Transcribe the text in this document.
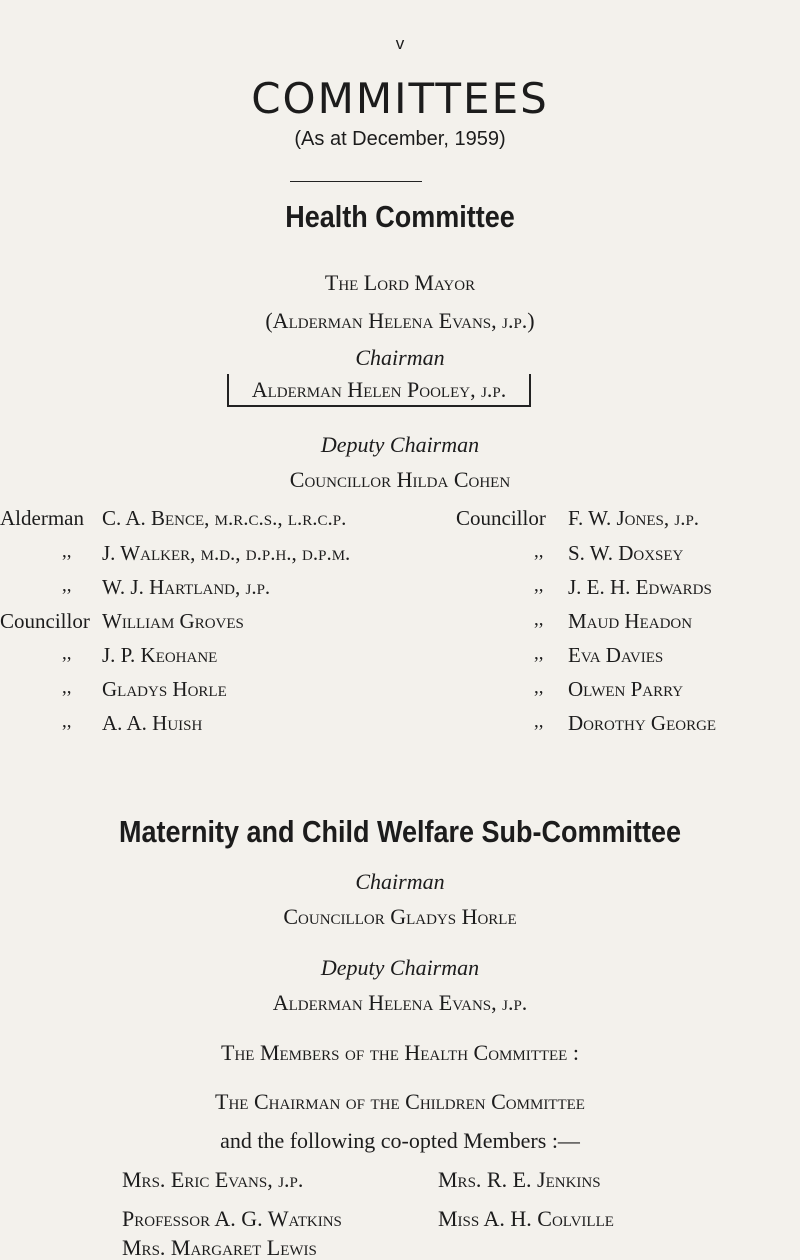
v
COMMITTEES
(As at December, 1959)
Health Committee
The Lord Mayor
(Alderman Helena Evans, j.p.)
Chairman
Alderman Helen Pooley, j.p.
Deputy Chairman
Councillor Hilda Cohen
Alderman C. A. Bence, m.r.c.s., l.r.c.p.
,, J. Walker, m.d., d.p.h., d.p.m.
,, W. J. Hartland, j.p.
Councillor William Groves
,, J. P. Keohane
,, Gladys Horle
,, A. A. Huish
Councillor F. W. Jones, j.p.
,, S. W. Doxsey
,, J. E. H. Edwards
,, Maud Headon
,, Eva Davies
,, Olwen Parry
,, Dorothy George
Maternity and Child Welfare Sub-Committee
Chairman
Councillor Gladys Horle
Deputy Chairman
Alderman Helena Evans, j.p.
The Members of the Health Committee :
The Chairman of the Children Committee
and the following co-opted Members :—
Mrs. Eric Evans, j.p.	Mrs. R. E. Jenkins
Professor A. G. Watkins	Miss A. H. Colville
Mrs. Margaret Lewis
